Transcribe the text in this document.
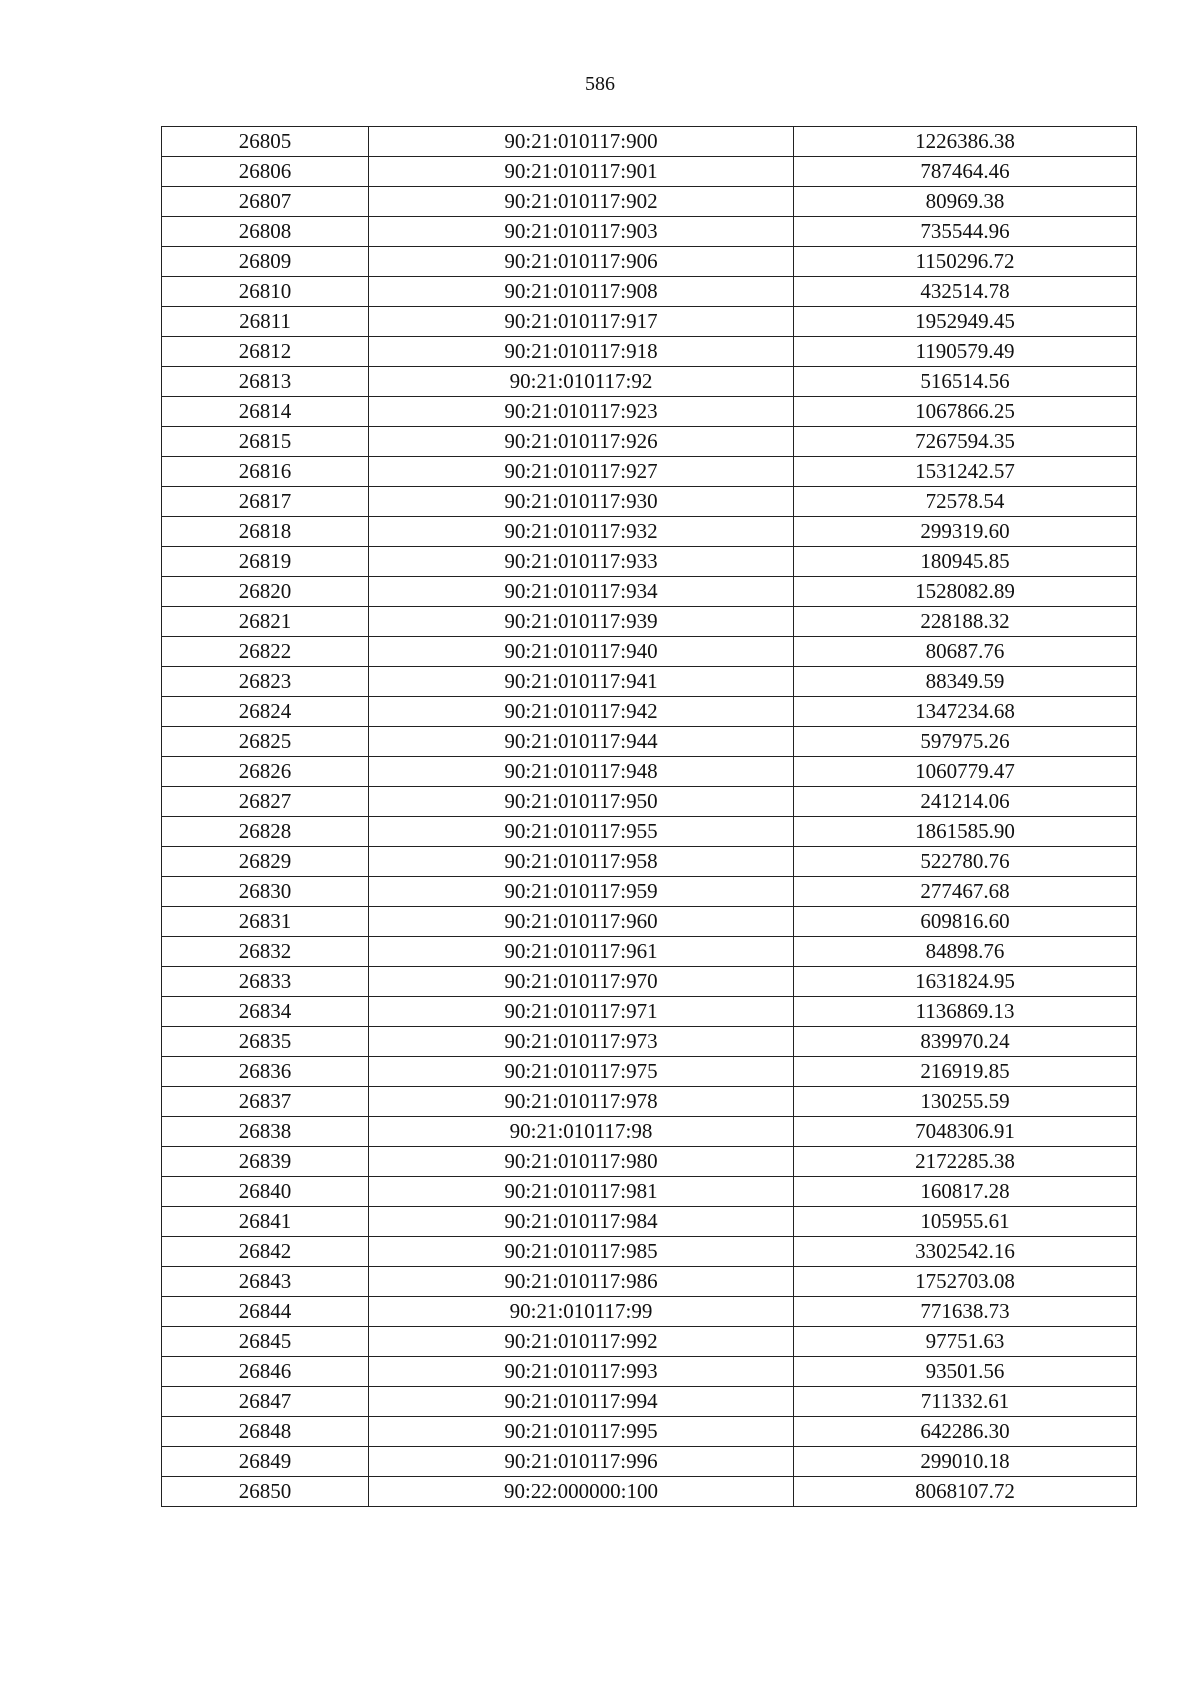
586
26805	90:21:010117:900	1226386.38
26806	90:21:010117:901	787464.46
26807	90:21:010117:902	80969.38
26808	90:21:010117:903	735544.96
26809	90:21:010117:906	1150296.72
26810	90:21:010117:908	432514.78
26811	90:21:010117:917	1952949.45
26812	90:21:010117:918	1190579.49
26813	90:21:010117:92	516514.56
26814	90:21:010117:923	1067866.25
26815	90:21:010117:926	7267594.35
26816	90:21:010117:927	1531242.57
26817	90:21:010117:930	72578.54
26818	90:21:010117:932	299319.60
26819	90:21:010117:933	180945.85
26820	90:21:010117:934	1528082.89
26821	90:21:010117:939	228188.32
26822	90:21:010117:940	80687.76
26823	90:21:010117:941	88349.59
26824	90:21:010117:942	1347234.68
26825	90:21:010117:944	597975.26
26826	90:21:010117:948	1060779.47
26827	90:21:010117:950	241214.06
26828	90:21:010117:955	1861585.90
26829	90:21:010117:958	522780.76
26830	90:21:010117:959	277467.68
26831	90:21:010117:960	609816.60
26832	90:21:010117:961	84898.76
26833	90:21:010117:970	1631824.95
26834	90:21:010117:971	1136869.13
26835	90:21:010117:973	839970.24
26836	90:21:010117:975	216919.85
26837	90:21:010117:978	130255.59
26838	90:21:010117:98	7048306.91
26839	90:21:010117:980	2172285.38
26840	90:21:010117:981	160817.28
26841	90:21:010117:984	105955.61
26842	90:21:010117:985	3302542.16
26843	90:21:010117:986	1752703.08
26844	90:21:010117:99	771638.73
26845	90:21:010117:992	97751.63
26846	90:21:010117:993	93501.56
26847	90:21:010117:994	711332.61
26848	90:21:010117:995	642286.30
26849	90:21:010117:996	299010.18
26850	90:22:000000:100	8068107.72
